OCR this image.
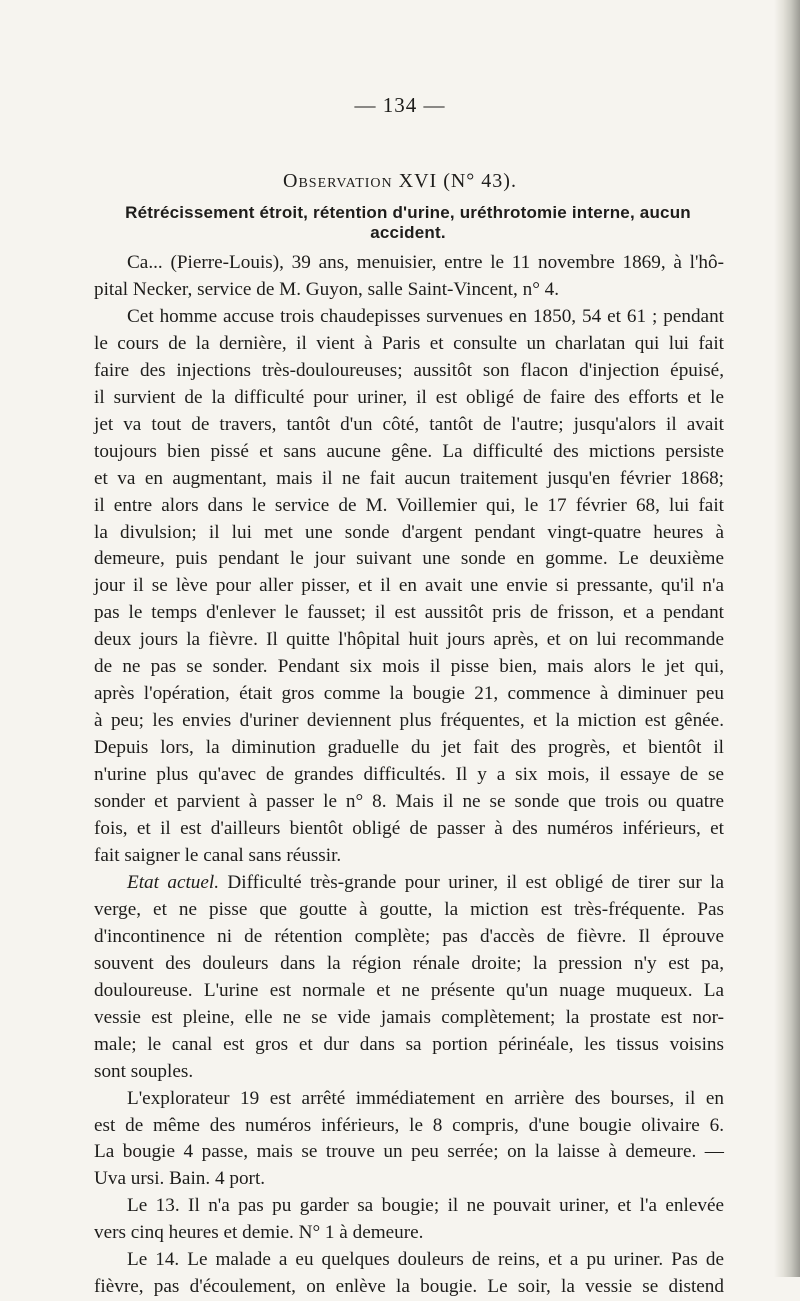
— 134 —
Observation XVI (N° 43).
Rétrécissement étroit, rétention d'urine, uréthrotomie interne, aucun accident.
Ca... (Pierre-Louis), 39 ans, menuisier, entre le 11 novembre 1869, à l'hô-
pital Necker, service de M. Guyon, salle Saint-Vincent, n° 4.
Cet homme accuse trois chaudepisses survenues en 1850, 54 et 61 ; pendant
le cours de la dernière, il vient à Paris et consulte un charlatan qui lui fait
faire des injections très-douloureuses; aussitôt son flacon d'injection épuisé,
il survient de la difficulté pour uriner, il est obligé de faire des efforts et le
jet va tout de travers, tantôt d'un côté, tantôt de l'autre; jusqu'alors il avait
toujours bien pissé et sans aucune gêne. La difficulté des mictions persiste
et va en augmentant, mais il ne fait aucun traitement jusqu'en février 1868;
il entre alors dans le service de M. Voillemier qui, le 17 février 68, lui fait
la divulsion; il lui met une sonde d'argent pendant vingt-quatre heures à
demeure, puis pendant le jour suivant une sonde en gomme. Le deuxième
jour il se lève pour aller pisser, et il en avait une envie si pressante, qu'il n'a
pas le temps d'enlever le fausset; il est aussitôt pris de frisson, et a pendant
deux jours la fièvre. Il quitte l'hôpital huit jours après, et on lui recommande
de ne pas se sonder. Pendant six mois il pisse bien, mais alors le jet qui,
après l'opération, était gros comme la bougie 21, commence à diminuer peu
à peu; les envies d'uriner deviennent plus fréquentes, et la miction est gênée.
Depuis lors, la diminution graduelle du jet fait des progrès, et bientôt il
n'urine plus qu'avec de grandes difficultés. Il y a six mois, il essaye de se
sonder et parvient à passer le n° 8. Mais il ne se sonde que trois ou quatre
fois, et il est d'ailleurs bientôt obligé de passer à des numéros inférieurs, et
fait saigner le canal sans réussir.
Etat actuel. Difficulté très-grande pour uriner, il est obligé de tirer sur la
verge, et ne pisse que goutte à goutte, la miction est très-fréquente. Pas
d'incontinence ni de rétention complète; pas d'accès de fièvre. Il éprouve
souvent des douleurs dans la région rénale droite; la pression n'y est pa,
douloureuse. L'urine est normale et ne présente qu'un nuage muqueux. La
vessie est pleine, elle ne se vide jamais complètement; la prostate est nor-
male; le canal est gros et dur dans sa portion périnéale, les tissus voisins
sont souples.
L'explorateur 19 est arrêté immédiatement en arrière des bourses, il en
est de même des numéros inférieurs, le 8 compris, d'une bougie olivaire 6.
La bougie 4 passe, mais se trouve un peu serrée; on la laisse à demeure. —
Uva ursi. Bain. 4 port.
Le 13. Il n'a pas pu garder sa bougie; il ne pouvait uriner, et l'a enlevée
vers cinq heures et demie. N° 1 à demeure.
Le 14. Le malade a eu quelques douleurs de reins, et a pu uriner. Pas de
fièvre, pas d'écoulement, on enlève la bougie. Le soir, la vessie se distend
